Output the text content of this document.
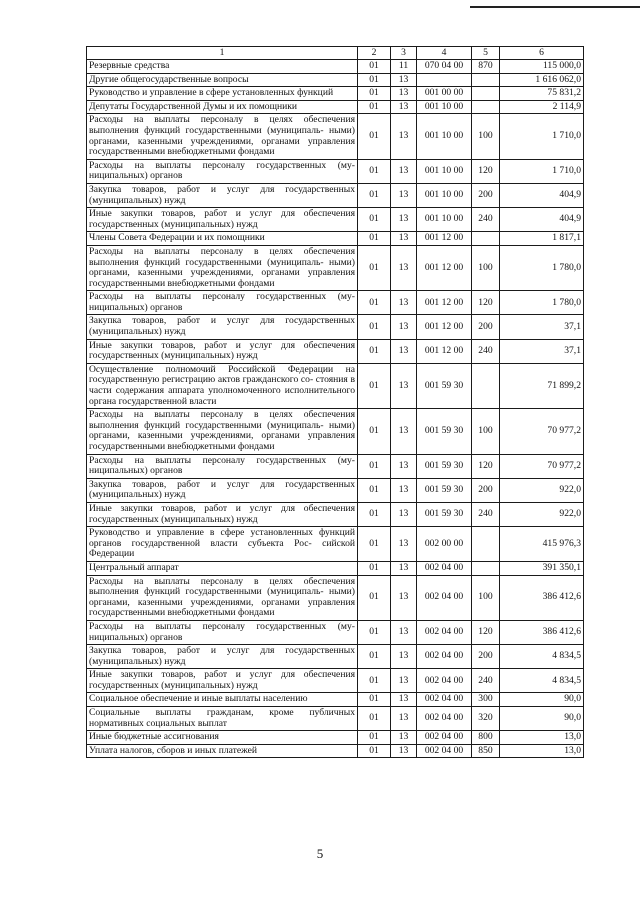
1	2	3	4	5	6
Резервные средства	01	11	070 04 00	870	115 000,0
Другие общегосударственные вопросы	01	13			1 616 062,0
Руководство и управление в сфере установленных функций	01	13	001 00 00		75 831,2
Депутаты Государственной Думы и их помощники	01	13	001 10 00		2 114,9
Расходы на выплаты персоналу в целях обеспечения выполнения функций государственными (муниципаль- ными) органами, казенными учреждениями, органами управления государственными внебюджетными фондами	01	13	001 10 00	100	1 710,0
Расходы на выплаты персоналу государственных (му- ниципальных) органов	01	13	001 10 00	120	1 710,0
Закупка товаров, работ и услуг для государственных (муниципальных) нужд	01	13	001 10 00	200	404,9
Иные закупки товаров, работ и услуг для обеспечения государственных (муниципальных) нужд	01	13	001 10 00	240	404,9
Члены Совета Федерации и их помощники	01	13	001 12 00		1 817,1
Расходы на выплаты персоналу в целях обеспечения выполнения функций государственными (муниципаль- ными) органами, казенными учреждениями, органами управления государственными внебюджетными фондами	01	13	001 12 00	100	1 780,0
Расходы на выплаты персоналу государственных (му- ниципальных) органов	01	13	001 12 00	120	1 780,0
Закупка товаров, работ и услуг для государственных (муниципальных) нужд	01	13	001 12 00	200	37,1
Иные закупки товаров, работ и услуг для обеспечения государственных (муниципальных) нужд	01	13	001 12 00	240	37,1
Осуществление полномочий Российской Федерации на государственную регистрацию актов гражданского со- стояния в части содержания аппарата уполномоченного исполнительного органа государственной власти	01	13	001 59 30		71 899,2
Расходы на выплаты персоналу в целях обеспечения выполнения функций государственными (муниципаль- ными) органами, казенными учреждениями, органами управления государственными внебюджетными фондами	01	13	001 59 30	100	70 977,2
Расходы на выплаты персоналу государственных (му- ниципальных) органов	01	13	001 59 30	120	70 977,2
Закупка товаров, работ и услуг для государственных (муниципальных) нужд	01	13	001 59 30	200	922,0
Иные закупки товаров, работ и услуг для обеспечения государственных (муниципальных) нужд	01	13	001 59 30	240	922,0
Руководство и управление в сфере установленных функций органов государственной власти субъекта Рос- сийской Федерации	01	13	002 00 00		415 976,3
Центральный аппарат	01	13	002 04 00		391 350,1
Расходы на выплаты персоналу в целях обеспечения выполнения функций государственными (муниципаль- ными) органами, казенными учреждениями, органами управления государственными внебюджетными фондами	01	13	002 04 00	100	386 412,6
Расходы на выплаты персоналу государственных (му- ниципальных) органов	01	13	002 04 00	120	386 412,6
Закупка товаров, работ и услуг для государственных (муниципальных) нужд	01	13	002 04 00	200	4 834,5
Иные закупки товаров, работ и услуг для обеспечения государственных (муниципальных) нужд	01	13	002 04 00	240	4 834,5
Социальное обеспечение и иные выплаты населению	01	13	002 04 00	300	90,0
Социальные выплаты гражданам, кроме публичных нормативных социальных выплат	01	13	002 04 00	320	90,0
Иные бюджетные ассигнования	01	13	002 04 00	800	13,0
Уплата налогов, сборов и иных платежей	01	13	002 04 00	850	13,0
5
